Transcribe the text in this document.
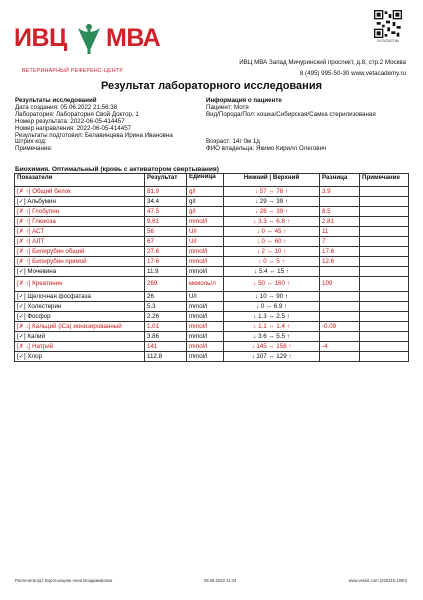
ИВЦ МВА
ВЕТЕРИНАРНЫЙ РЕФЕРЕНС-ЦЕНТР
IVCVOSCOM
ИВЦ МВА Запад Мичуринский проспект, д.8, стр.2 Москва
8 (495) 995-50-30 www.vetacademy.ru
Результат лабораторного исследования
Результаты исследований
Дата создания: 05.06.2022 21:56:38
Лаборатория: Лаборатория Свой Доктор, 1
Номер результата: 2022-06-05-414457
Номер направления: 2022-06-05-414457
Результаты подготовил: Белавинцева Ирина Ивановна
Штрих код:
Примечание:
Информация о пациенте
Пациент: Мотя
Вид/Порода/Пол: кошка/Сибирская/Самка стерилизованая
Возраст: 14г 0м 1д
ФИО владельца: Якимо Кирилл Олегович
Биохимия. Оптимальный (кровь с активатором свертывания)
Показатели	Результат	Единица	Нижний | Верхний	Разница	Примечание
[✗ ↑] Общий белок	81.9	g/l	↓ 57 ↔ 78 ↑	3.9	
[✓] Альбумин	34.4	g/l	↓ 29 ↔ 39 ↑		
[✗ ↑] Глобулин	47.5	g/l	↓ 28 ↔ 39 ↑	8.5	
[✗ ↑] Глюкоза	9.61	mmol/l	↓ 3.3 ↔ 6.8 ↑	2.81	
[✗ ↑] АСТ	56	U/l	↓ 0 ↔ 45 ↑	11	
[✗ ↑] АЛТ	67	U/l	↓ 0 ↔ 60 ↑	7	
[✗ ↑] Билирубин общий	27.6	mmol/l	↓ 2 ↔ 10 ↑	17.6	
[✗ ↑] Билирубин прямой	17.6	mmol/l	↓ 0 ↔ 5 ↑	12.6	
[✓] Мочевина	11.9	mmol/l	↓ 5.4 ↔ 15 ↑		
[✗ ↑] Креатинин	269	мкмоль/л	↓ 50 ↔ 160 ↑	109	
[✓] Щелочная фосфатаза	26	U/l	↓ 10 ↔ 90 ↑		
[✓] Холестерин	5.3	mmol/l	↓ 0 ↔ 6.9 ↑		
[✓] Фосфор	2.26	mmol/l	↓ 1.3 ↔ 2.5 ↑		
[✗ ↓] Кальций (iCa) ионизированный	1.01	mmol/l	↓ 1.1 ↔ 1.4 ↑	-0.09	
[✓] Калий	3.86	mmol/l	↓ 3.6 ↔ 5.5 ↑		
[✗ ↓] Натрий	141	mmol/l	↓ 145 ↔ 158 ↑	-4	
[✓] Хлор	112.8	mmol/l	↓ 107 ↔ 129 ↑		
Распечатал(а): Воротынцева Анна Владимировна	06.06.2022 11:34	www.vetais.com (220315.1900)
